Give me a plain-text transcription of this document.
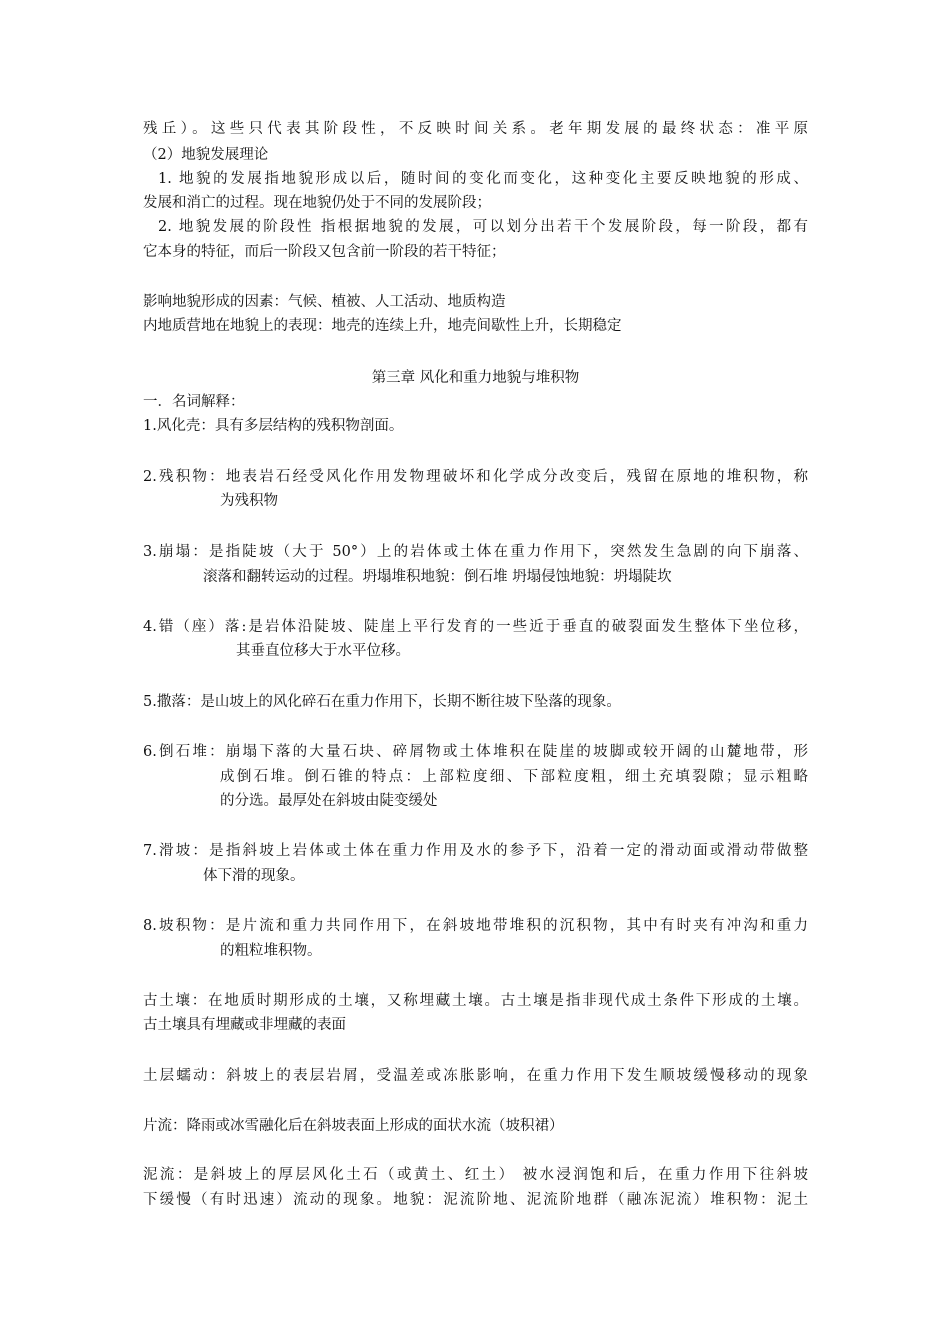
残丘）。这些只代表其阶段性，不反映时间关系。老年期发展的最终状态：准平原
（2）地貌发展理论
1. 地貌的发展指地貌形成以后，随时间的变化而变化，这种变化主要反映地貌的形成、
发展和消亡的过程。现在地貌仍处于不同的发展阶段；
2. 地貌发展的阶段性 指根据地貌的发展，可以划分出若干个发展阶段，每一阶段，都有
它本身的特征，而后一阶段又包含前一阶段的若干特征；
影响地貌形成的因素：气候、植被、人工活动、地质构造
内地质营地在地貌上的表现：地壳的连续上升，地壳间歇性上升，长期稳定
第三章 风化和重力地貌与堆积物
一．名词解释：
1.风化壳：具有多层结构的残积物剖面。
2.残积物：地表岩石经受风化作用发物理破坏和化学成分改变后，残留在原地的堆积物，称
为残积物
3.崩塌：是指陡坡（大于 50°）上的岩体或土体在重力作用下，突然发生急剧的向下崩落、
滚落和翻转运动的过程。坍塌堆积地貌：倒石堆 坍塌侵蚀地貌：坍塌陡坎
4.错（座）落:是岩体沿陡坡、陡崖上平行发育的一些近于垂直的破裂面发生整体下坐位移，
其垂直位移大于水平位移。
5.撒落：是山坡上的风化碎石在重力作用下，长期不断往坡下坠落的现象。
6.倒石堆：崩塌下落的大量石块、碎屑物或土体堆积在陡崖的坡脚或较开阔的山麓地带，形
成倒石堆。倒石锥的特点：上部粒度细、下部粒度粗，细土充填裂隙；显示粗略
的分选。最厚处在斜坡由陡变缓处
7.滑坡：是指斜坡上岩体或土体在重力作用及水的参予下，沿着一定的滑动面或滑动带做整
体下滑的现象。
8.坡积物：是片流和重力共同作用下，在斜坡地带堆积的沉积物，其中有时夹有冲沟和重力
的粗粒堆积物。
古土壤：在地质时期形成的土壤，又称埋藏土壤。古土壤是指非现代成土条件下形成的土壤。
古土壤具有埋藏或非埋藏的表面
土层蠕动：斜坡上的表层岩屑，受温差或冻胀影响，在重力作用下发生顺坡缓慢移动的现象
片流：降雨或冰雪融化后在斜坡表面上形成的面状水流（坡积裙）
泥流：是斜坡上的厚层风化土石（或黄土、红土） 被水浸润饱和后，在重力作用下往斜坡
下缓慢（有时迅速）流动的现象。地貌：泥流阶地、泥流阶地群（融冻泥流）堆积物：泥土
